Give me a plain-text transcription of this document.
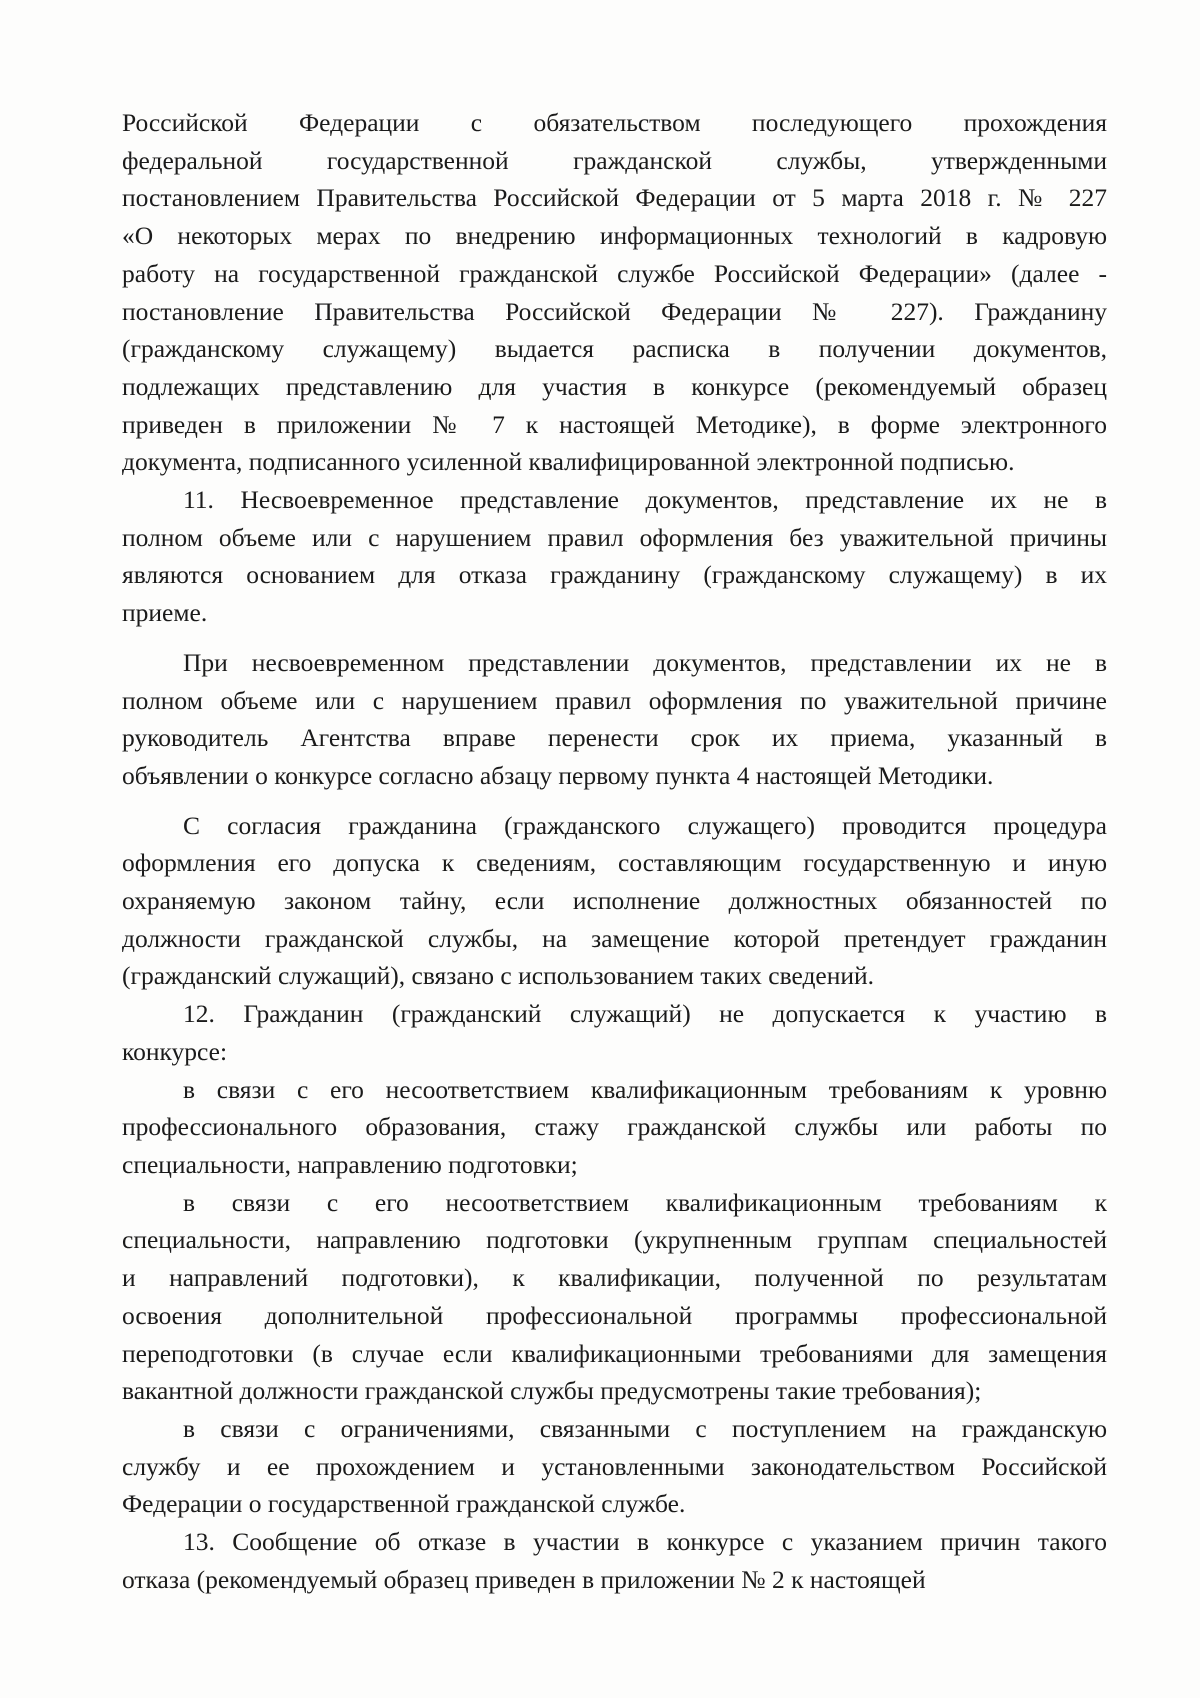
Российской Федерации с обязательством последующего прохождения
федеральной государственной гражданской службы, утвержденными
постановлением Правительства Российской Федерации от 5 марта 2018 г. № 227
«О некоторых мерах по внедрению информационных технологий в кадровую
работу на государственной гражданской службе Российской Федерации» (далее -
постановление Правительства Российской Федерации № 227). Гражданину
(гражданскому служащему) выдается расписка в получении документов,
подлежащих представлению для участия в конкурсе (рекомендуемый образец
приведен в приложении № 7 к настоящей Методике), в форме электронного
документа, подписанного усиленной квалифицированной электронной подписью.

11. Несвоевременное представление документов, представление их не в
полном объеме или с нарушением правил оформления без уважительной причины
являются основанием для отказа гражданину (гражданскому служащему) в их
приеме.

При несвоевременном представлении документов, представлении их не в
полном объеме или с нарушением правил оформления по уважительной причине
руководитель Агентства вправе перенести срок их приема, указанный в
объявлении о конкурсе согласно абзацу первому пункта 4 настоящей Методики.

С согласия гражданина (гражданского служащего) проводится процедура
оформления его допуска к сведениям, составляющим государственную и иную
охраняемую законом тайну, если исполнение должностных обязанностей по
должности гражданской службы, на замещение которой претендует гражданин
(гражданский служащий), связано с использованием таких сведений.

12. Гражданин (гражданский служащий) не допускается к участию в
конкурсе:

в связи с его несоответствием квалификационным требованиям к уровню
профессионального образования, стажу гражданской службы или работы по
специальности, направлению подготовки;

в связи с его несоответствием квалификационным требованиям к
специальности, направлению подготовки (укрупненным группам специальностей
и направлений подготовки), к квалификации, полученной по результатам
освоения дополнительной профессиональной программы профессиональной
переподготовки (в случае если квалификационными требованиями для замещения
вакантной должности гражданской службы предусмотрены такие требования);

в связи с ограничениями, связанными с поступлением на гражданскую
службу и ее прохождением и установленными законодательством Российской
Федерации о государственной гражданской службе.

13. Сообщение об отказе в участии в конкурсе с указанием причин такого
отказа (рекомендуемый образец приведен в приложении № 2 к настоящей
